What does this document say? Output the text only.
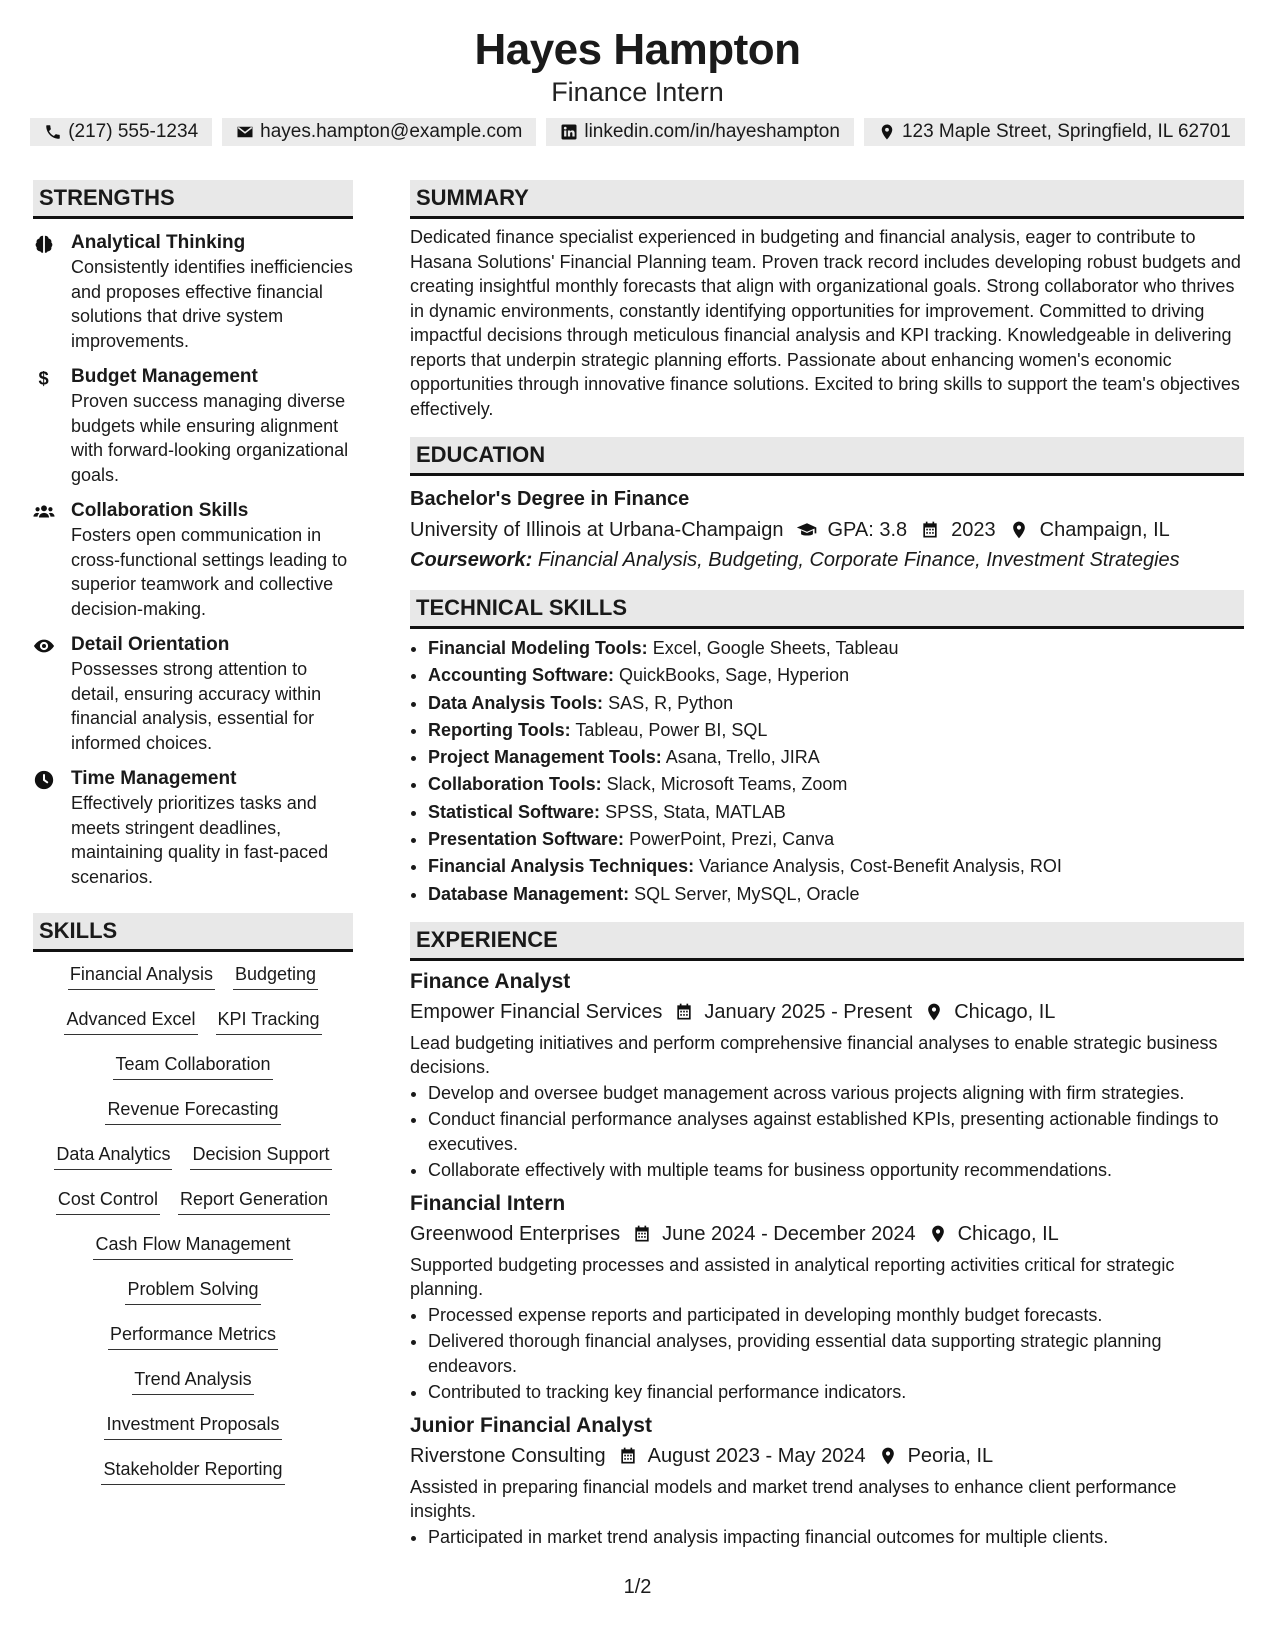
Hayes Hampton
Finance Intern
(217) 555-1234	hayes.hampton@example.com	linkedin.com/in/hayeshampton	123 Maple Street, Springfield, IL 62701
STRENGTHS
Analytical Thinking
Consistently identifies inefficiencies and proposes effective financial solutions that drive system improvements.
$ Budget Management
Proven success managing diverse budgets while ensuring alignment with forward-looking organizational goals.
Collaboration Skills
Fosters open communication in cross-functional settings leading to superior teamwork and collective decision-making.
Detail Orientation
Possesses strong attention to detail, ensuring accuracy within financial analysis, essential for informed choices.
Time Management
Effectively prioritizes tasks and meets stringent deadlines, maintaining quality in fast-paced scenarios.
SKILLS
Financial Analysis Budgeting
Advanced Excel KPI Tracking
Team Collaboration
Revenue Forecasting
Data Analytics Decision Support
Cost Control Report Generation
Cash Flow Management
Problem Solving
Performance Metrics
Trend Analysis
Investment Proposals
Stakeholder Reporting
SUMMARY
Dedicated finance specialist experienced in budgeting and financial analysis, eager to contribute to Hasana Solutions' Financial Planning team. Proven track record includes developing robust budgets and creating insightful monthly forecasts that align with organizational goals. Strong collaborator who thrives in dynamic environments, constantly identifying opportunities for improvement. Committed to driving impactful decisions through meticulous financial analysis and KPI tracking. Knowledgeable in delivering reports that underpin strategic planning efforts. Passionate about enhancing women's economic opportunities through innovative finance solutions. Excited to bring skills to support the team's objectives effectively.
EDUCATION
Bachelor's Degree in Finance
University of Illinois at Urbana-Champaign GPA: 3.8 2023 Champaign, IL
Coursework: Financial Analysis, Budgeting, Corporate Finance, Investment Strategies
TECHNICAL SKILLS
• Financial Modeling Tools: Excel, Google Sheets, Tableau
• Accounting Software: QuickBooks, Sage, Hyperion
• Data Analysis Tools: SAS, R, Python
• Reporting Tools: Tableau, Power BI, SQL
• Project Management Tools: Asana, Trello, JIRA
• Collaboration Tools: Slack, Microsoft Teams, Zoom
• Statistical Software: SPSS, Stata, MATLAB
• Presentation Software: PowerPoint, Prezi, Canva
• Financial Analysis Techniques: Variance Analysis, Cost-Benefit Analysis, ROI
• Database Management: SQL Server, MySQL, Oracle
EXPERIENCE
Finance Analyst
Empower Financial Services January 2025 - Present Chicago, IL
Lead budgeting initiatives and perform comprehensive financial analyses to enable strategic business decisions.
• Develop and oversee budget management across various projects aligning with firm strategies.
• Conduct financial performance analyses against established KPIs, presenting actionable findings to executives.
• Collaborate effectively with multiple teams for business opportunity recommendations.
Financial Intern
Greenwood Enterprises June 2024 - December 2024 Chicago, IL
Supported budgeting processes and assisted in analytical reporting activities critical for strategic planning.
• Processed expense reports and participated in developing monthly budget forecasts.
• Delivered thorough financial analyses, providing essential data supporting strategic planning endeavors.
• Contributed to tracking key financial performance indicators.
Junior Financial Analyst
Riverstone Consulting August 2023 - May 2024 Peoria, IL
Assisted in preparing financial models and market trend analyses to enhance client performance insights.
• Participated in market trend analysis impacting financial outcomes for multiple clients.
1/2
